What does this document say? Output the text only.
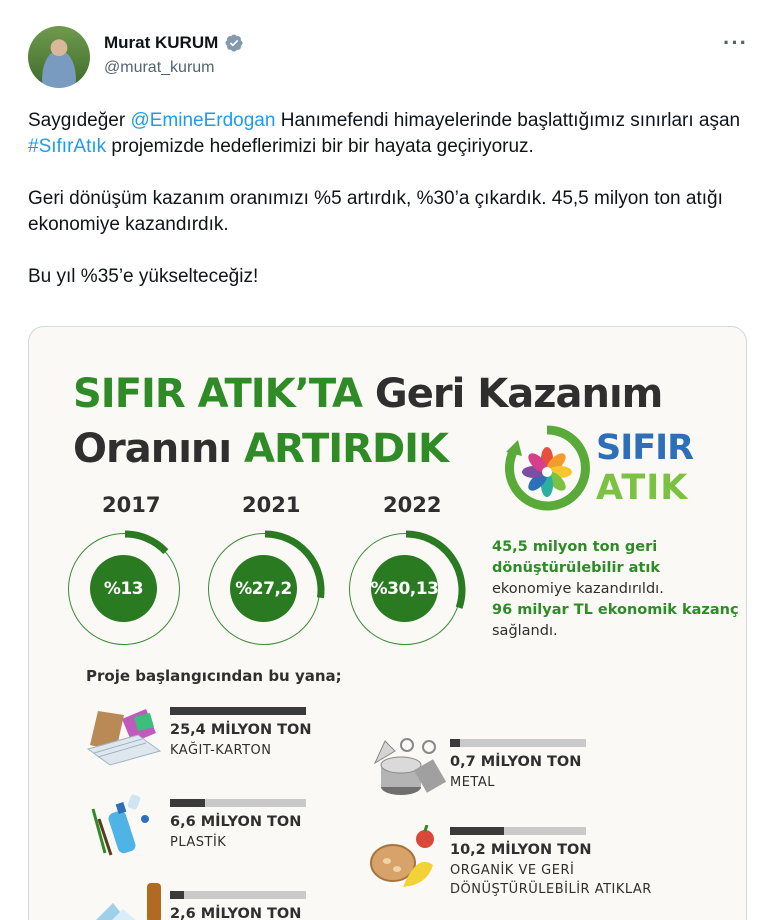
Murat KURUM
@murat_kurum
···

Saygıdeğer @EmineErdogan Hanımefendi himayelerinde başlattığımız sınırları aşan #SıfırAtık projemizde hedeflerimizi bir bir hayata geçiriyoruz.

Geri dönüşüm kazanım oranımızı %5 artırdık, %30’a çıkardık. 45,5 milyon ton atığı ekonomiye kazandırdık.

Bu yıl %35’e yükselteceğiz!

SIFIR ATIK’TA Geri Kazanım
Oranını ARTIRDIK	SIFIR
ATIK
2017
%13
2021
%27,2
2022
%30,13
45,5 milyon ton geri dönüştürülebilir atık ekonomiye kazandırıldı.
96 milyar TL ekonomik kazanç sağlandı.
Proje başlangıcından bu yana;
25,4 MİLYON TON
KAĞIT-KARTON
6,6 MİLYON TON
PLASTİK
2,6 MİLYON TON
0,7 MİLYON TON
METAL
10,2 MİLYON TON
ORGANİK VE GERİ DÖNÜŞTÜRÜLEBİLİR ATIKLAR
